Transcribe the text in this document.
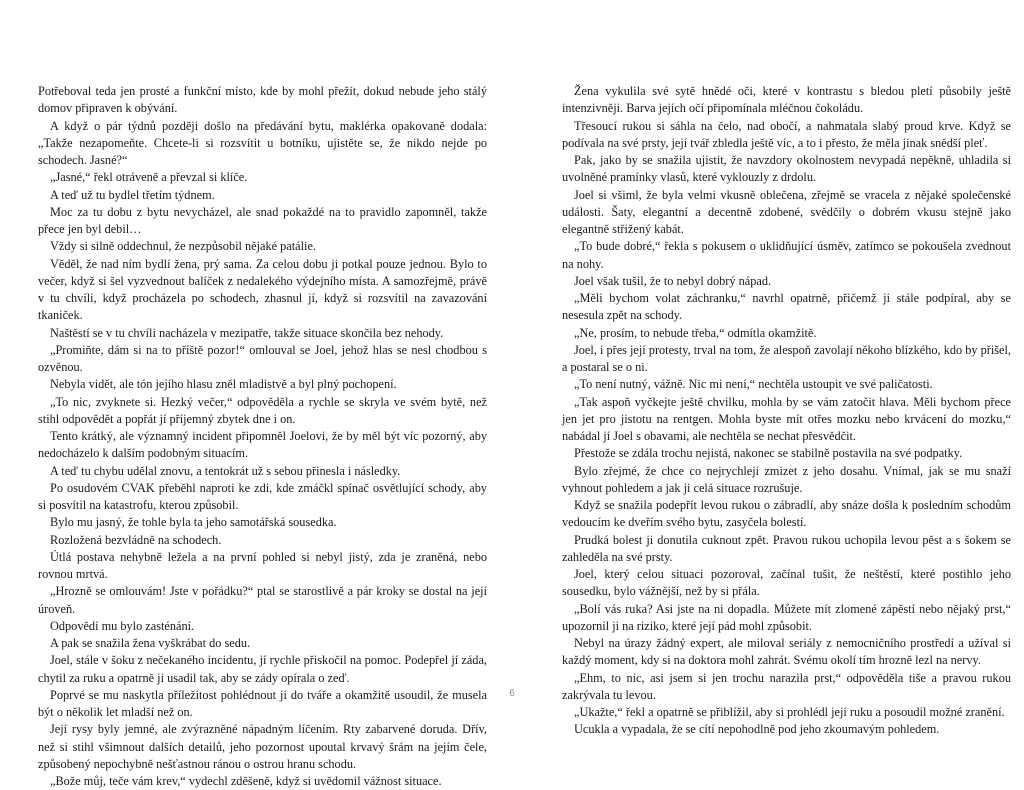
Potřeboval teda jen prosté a funkční místo, kde by mohl přežít, dokud nebude jeho stálý domov připraven k obývání.

A když o pár týdnů později došlo na předávání bytu, maklérka opakovaně dodala: „Takže nezapomeňte. Chcete-li si rozsvítit u botníku, ujistěte se, že nikdo nejde po schodech. Jasné?“

„Jasné,“ řekl otráveně a převzal si klíče.

A teď už tu bydlel třetím týdnem.

Moc za tu dobu z bytu nevycházel, ale snad pokaždé na to pravidlo zapomněl, takže přece jen byl debil…

Vždy si silně oddechnul, že nezpůsobil nějaké patálie.

Věděl, že nad ním bydlí žena, prý sama. Za celou dobu ji potkal pouze jednou. Bylo to večer, když si šel vyzvednout balíček z nedalekého výdejního místa. A samozřejmě, právě v tu chvíli, když procházela po schodech, zhasnul jí, když si rozsvítil na zavazování tkaniček.

Naštěstí se v tu chvíli nacházela v mezipatře, takže situace skončila bez nehody.

„Promiňte, dám si na to příště pozor!“ omlouval se Joel, jehož hlas se nesl chodbou s ozvěnou.

Nebyla vidět, ale tón jejího hlasu zněl mladistvě a byl plný pochopení.

„To nic, zvyknete si. Hezký večer,“ odpověděla a rychle se skryla ve svém bytě, než stihl odpovědět a popřát jí příjemný zbytek dne i on.

Tento krátký, ale významný incident připomněl Joelovi, že by měl být víc pozorný, aby nedocházelo k dalším podobným situacím.

A teď tu chybu udělal znovu, a tentokrát už s sebou přinesla i následky.

Po osudovém CVAK přeběhl naproti ke zdi, kde zmáčkl spínač osvětlující schody, aby si posvítil na katastrofu, kterou způsobil.

Bylo mu jasný, že tohle byla ta jeho samotářská sousedka.

Rozložená bezvládně na schodech.

Útlá postava nehybně ležela a na první pohled si nebyl jistý, zda je zraněná, nebo rovnou mrtvá.

„Hrozně se omlouvám! Jste v pořádku?“ ptal se starostlivě a pár kroky se dostal na její úroveň.

Odpovědí mu bylo zasténání.

A pak se snažila žena vyškrábat do sedu.

Joel, stále v šoku z nečekaného incidentu, jí rychle přiskočil na pomoc. Podepřel jí záda, chytil za ruku a opatrně ji usadil tak, aby se zády opírala o zeď.

Poprvé se mu naskytla příležitost pohlédnout jí do tváře a okamžitě usoudil, že musela být o několik let mladší než on.

Její rysy byly jemné, ale zvýrazněné nápadným líčením. Rty zabarvené doruda. Dřív, než si stihl všimnout dalších detailů, jeho pozornost upoutal krvavý šrám na jejím čele, způsobený nepochybně nešťastnou ránou o ostrou hranu schodu.

„Bože můj, teče vám krev,“ vydechl zděšeně, když si uvědomil vážnost situace.

Žena vykulila své sytě hnědé oči, které v kontrastu s bledou pletí působily ještě intenzivněji. Barva jejích očí připomínala mléčnou čokoládu.

Třesoucí rukou si sáhla na čelo, nad obočí, a nahmatala slabý proud krve. Když se podívala na své prsty, její tvář zbledla ještě víc, a to i přesto, že měla jinak snědší pleť.

Pak, jako by se snažila ujistit, že navzdory okolnostem nevypadá nepěkně, uhladila si uvolněné pramínky vlasů, které vyklouzly z drdolu.

Joel si všiml, že byla velmi vkusně oblečena, zřejmě se vracela z nějaké společenské události. Šaty, elegantní a decentně zdobené, svědčily o dobrém vkusu stejně jako elegantně střižený kabát.

„To bude dobré,“ řekla s pokusem o uklidňující úsměv, zatímco se pokoušela zvednout na nohy.

Joel však tušil, že to nebyl dobrý nápad.

„Měli bychom volat záchranku,“ navrhl opatrně, přičemž ji stále podpíral, aby se nesesula zpět na schody.

„Ne, prosím, to nebude třeba,“ odmítla okamžitě.

Joel, i přes její protesty, trval na tom, že alespoň zavolají někoho blízkého, kdo by přišel, a postaral se o ni.

„To není nutný, vážně. Nic mi není,“ nechtěla ustoupit ve své paličatosti.

„Tak aspoň vyčkejte ještě chvilku, mohla by se vám zatočit hlava. Měli bychom přece jen jet pro jistotu na rentgen. Mohla byste mít otřes mozku nebo krvácení do mozku,“ nabádal jí Joel s obavami, ale nechtěla se nechat přesvědčit.

Přestože se zdála trochu nejistá, nakonec se stabilně postavila na své podpatky.

Bylo zřejmé, že chce co nejrychleji zmizet z jeho dosahu. Vnímal, jak se mu snaží vyhnout pohledem a jak ji celá situace rozrušuje.

Když se snažila podepřít levou rukou o zábradlí, aby snáze došla k posledním schodům vedoucím ke dveřím svého bytu, zasyčela bolestí.

Prudká bolest ji donutila cuknout zpět. Pravou rukou uchopila levou pěst a s šokem se zahleděla na své prsty.

Joel, který celou situaci pozoroval, začínal tušit, že neštěstí, které postihlo jeho sousedku, bylo vážnější, než by si přála.

„Bolí vás ruka? Asi jste na ni dopadla. Můžete mít zlomené zápěstí nebo nějaký prst,“ upozornil ji na riziko, které její pád mohl způsobit.

Nebyl na úrazy žádný expert, ale miloval seriály z nemocničního prostředí a užíval si každý moment, kdy si na doktora mohl zahrát. Svému okolí tím hrozně lezl na nervy.

„Ehm, to nic, asi jsem si jen trochu narazila prst,“ odpověděla tiše a pravou rukou zakrývala tu levou.

„Ukažte,“ řekl a opatrně se přiblížil, aby si prohlédl její ruku a posoudil možné zranění.

Ucukla a vypadala, že se cítí nepohodlně pod jeho zkoumavým pohledem.

6
